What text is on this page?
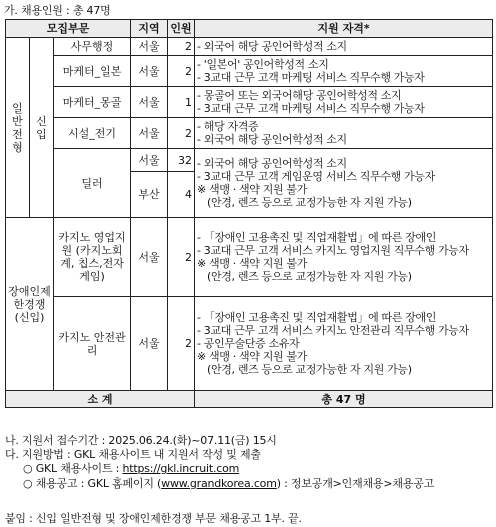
가. 채용인원 : 총 47명
모집부문			지역	인원	지원 자격*
일반전형	신입	사무행정	서울	2	- 외국어 해당 공인어학성적 소지

		마케터_일본	서울	2	- '일본어' 공인어학성적 소지
- 3교대 근무 고객 마케팅 서비스 직무수행 가능자

		마케터_몽골	서울	1	- 몽골어 또는 외국어해당 공인어학성적 소지
- 3교대 근무 고객 마케팅 서비스 직무수행 가능자

		시설_전기	서울	2	- 해당 자격증
- 외국어 해당 공인어학성적 소지

		딜러	서울	32	- 외국어 해당 공인어학성적 소지
- 3교대 근무 고객 게임운영 서비스 직무수행 가능자
※ 색맹 · 색약 지원 불가
(안경, 렌즈 등으로 교정가능한 자 지원 가능)

			부산	4	
장애인제한경쟁 (신입)		카지노 영업지원 (카지노회계, 칩스,전자게임)	서울	2	- 「장애인 고용촉진 및 직업재활법」에 따른 장애인
- 3교대 근무 고객 서비스 카지노 영업지원 직무수행 가능자
※ 색맹 · 색약 지원 불가
(안경, 렌즈 등으로 교정가능한 자 지원 가능)

		카지노 안전관리	서울	2	- 「장애인 고용촉진 및 직업재활법」에 따른 장애인
- 3교대 근무 고객 서비스 카지노 안전관리 직무수행 가능자
- 공인무술단증 소유자
※ 색맹 · 색약 지원 불가
(안경, 렌즈 등으로 교정가능한 자 지원 가능)

소 계					총 47 명
나. 지원서 접수기간 : 2025.06.24.(화)~07.11(금) 15시
다. 지원방법 : GKL 채용사이트 내 지원서 작성 및 제출
○ GKL 채용사이트 : https://gkl.incruit.com
○ 채용공고 : GKL 홈페이지 (www.grandkorea.com) : 정보공개>인재채용>채용공고
붙임 : 신입 일반전형 및 장애인제한경쟁 부문 채용공고 1부. 끝.
